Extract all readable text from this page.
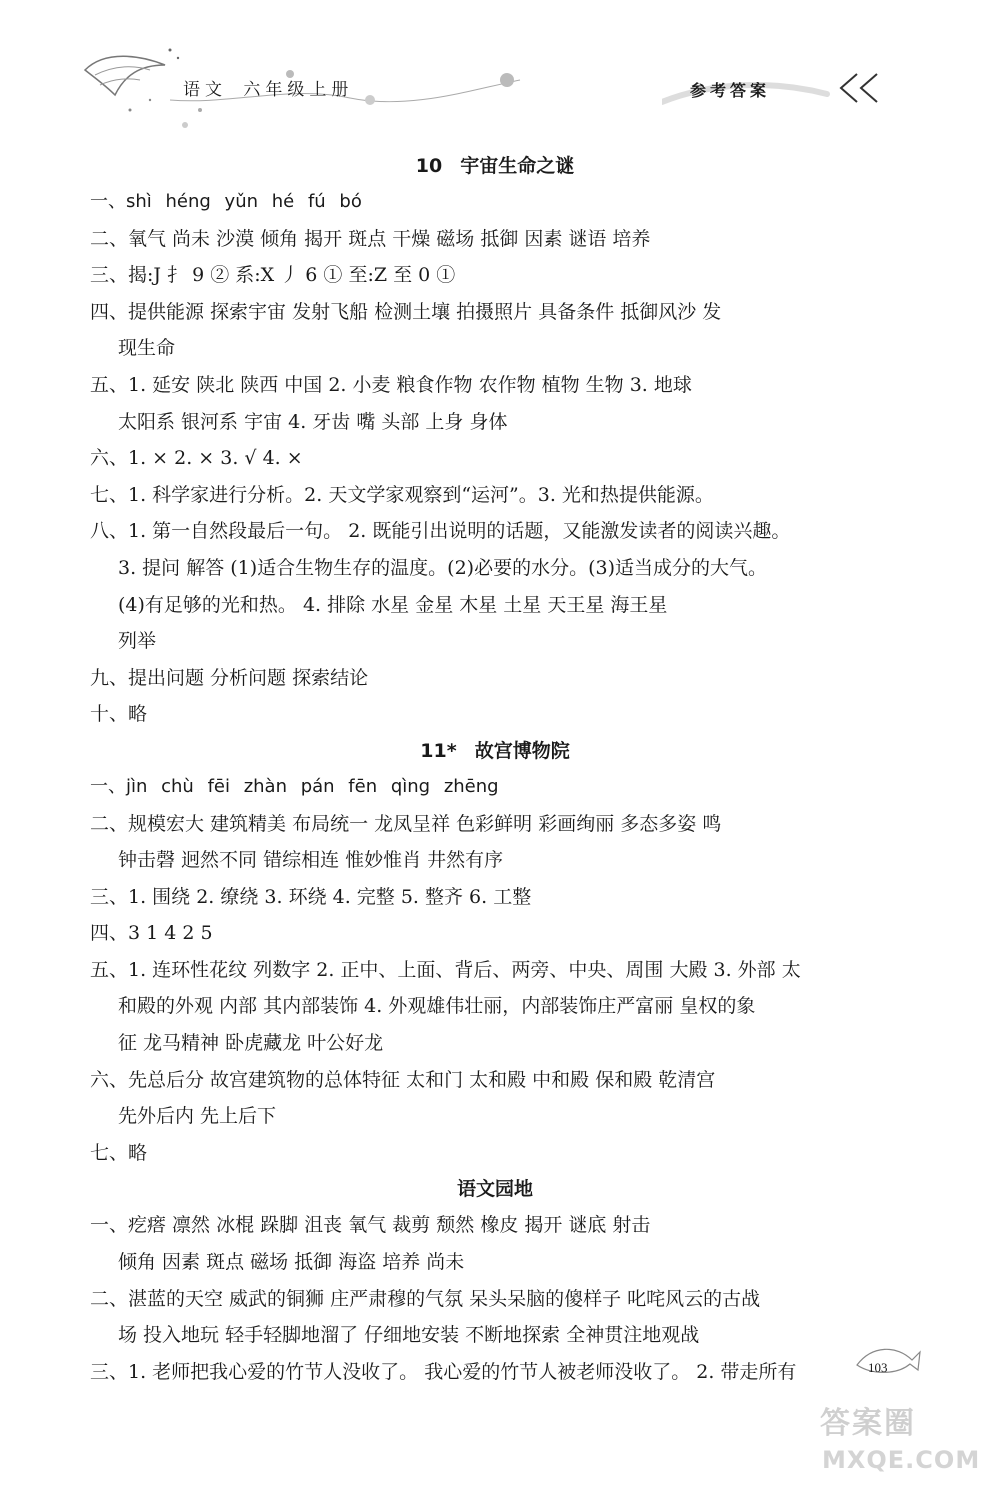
语文 六年级上册	参考答案
10 宇宙生命之谜
一、shì héng yǔn hé fú bó
二、氧气 尚未 沙漠 倾角 揭开 斑点 干燥 磁场 抵御 因素 谜语 培养
三、揭:J 扌 9 ② 系:X 丿 6 ① 至:Z 至 0 ①
四、提供能源 探索宇宙 发射飞船 检测土壤 拍摄照片 具备条件 抵御风沙 发
现生命
五、1. 延安 陕北 陕西 中国 2. 小麦 粮食作物 农作物 植物 生物 3. 地球
太阳系 银河系 宇宙 4. 牙齿 嘴 头部 上身 身体
六、1. × 2. × 3. √ 4. ×
七、1. 科学家进行分析。2. 天文学家观察到“运河”。3. 光和热提供能源。
八、1. 第一自然段最后一句。 2. 既能引出说明的话题，又能激发读者的阅读兴趣。
3. 提问 解答 (1)适合生物生存的温度。(2)必要的水分。(3)适当成分的大气。
(4)有足够的光和热。 4. 排除 水星 金星 木星 土星 天王星 海王星
列举
九、提出问题 分析问题 探索结论
十、略
11* 故宫博物院
一、jìn chù fēi zhàn pán fēn qìng zhēng
二、规模宏大 建筑精美 布局统一 龙凤呈祥 色彩鲜明 彩画绚丽 多态多姿 鸣
钟击磬 迥然不同 错综相连 惟妙惟肖 井然有序
三、1. 围绕 2. 缭绕 3. 环绕 4. 完整 5. 整齐 6. 工整
四、3 1 4 2 5
五、1. 连环性花纹 列数字 2. 正中、上面、背后、两旁、中央、周围 大殿 3. 外部 太
和殿的外观 内部 其内部装饰 4. 外观雄伟壮丽，内部装饰庄严富丽 皇权的象
征 龙马精神 卧虎藏龙 叶公好龙
六、先总后分 故宫建筑物的总体特征 太和门 太和殿 中和殿 保和殿 乾清宫
先外后内 先上后下
七、略
语文园地
一、疙瘩 凛然 冰棍 跺脚 沮丧 氧气 裁剪 颓然 橡皮 揭开 谜底 射击
倾角 因素 斑点 磁场 抵御 海盗 培养 尚未
二、湛蓝的天空 威武的铜狮 庄严肃穆的气氛 呆头呆脑的傻样子 叱咤风云的古战
场 投入地玩 轻手轻脚地溜了 仔细地安装 不断地探索 全神贯注地观战
三、1. 老师把我心爱的竹节人没收了。 我心爱的竹节人被老师没收了。 2. 带走所有	103
答案圈
MXQE.COM
